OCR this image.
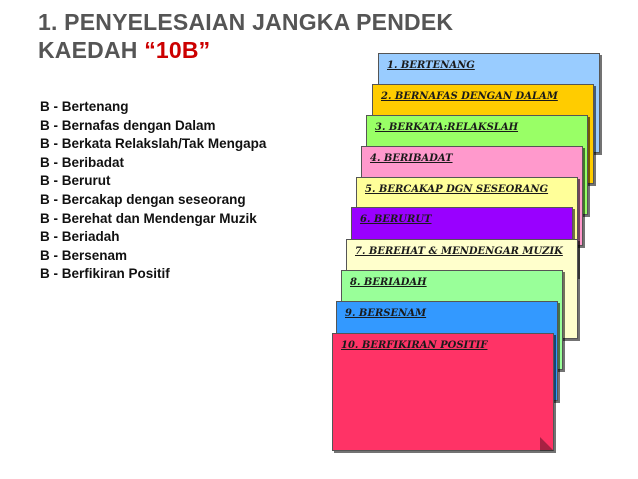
1. PENYELESAIAN JANGKA PENDEK
KAEDAH “10B”
B - Bertenang
B - Bernafas dengan Dalam
B - Berkata Relakslah/Tak Mengapa
B - Beribadat
B - Berurut
B - Bercakap dengan seseorang
B - Berehat dan Mendengar Muzik
B - Beriadah
B - Bersenam
B - Berfikiran Positif
1. BERTENANG
2. BERNAFAS DENGAN DALAM
3. BERKATA:RELAKSLAH
4. BERIBADAT
5. BERCAKAP DGN SESEORANG
6. BERURUT
7. BEREHAT & MENDENGAR MUZIK
8. BERIADAH
9. BERSENAM
10. BERFIKIRAN POSITIF
